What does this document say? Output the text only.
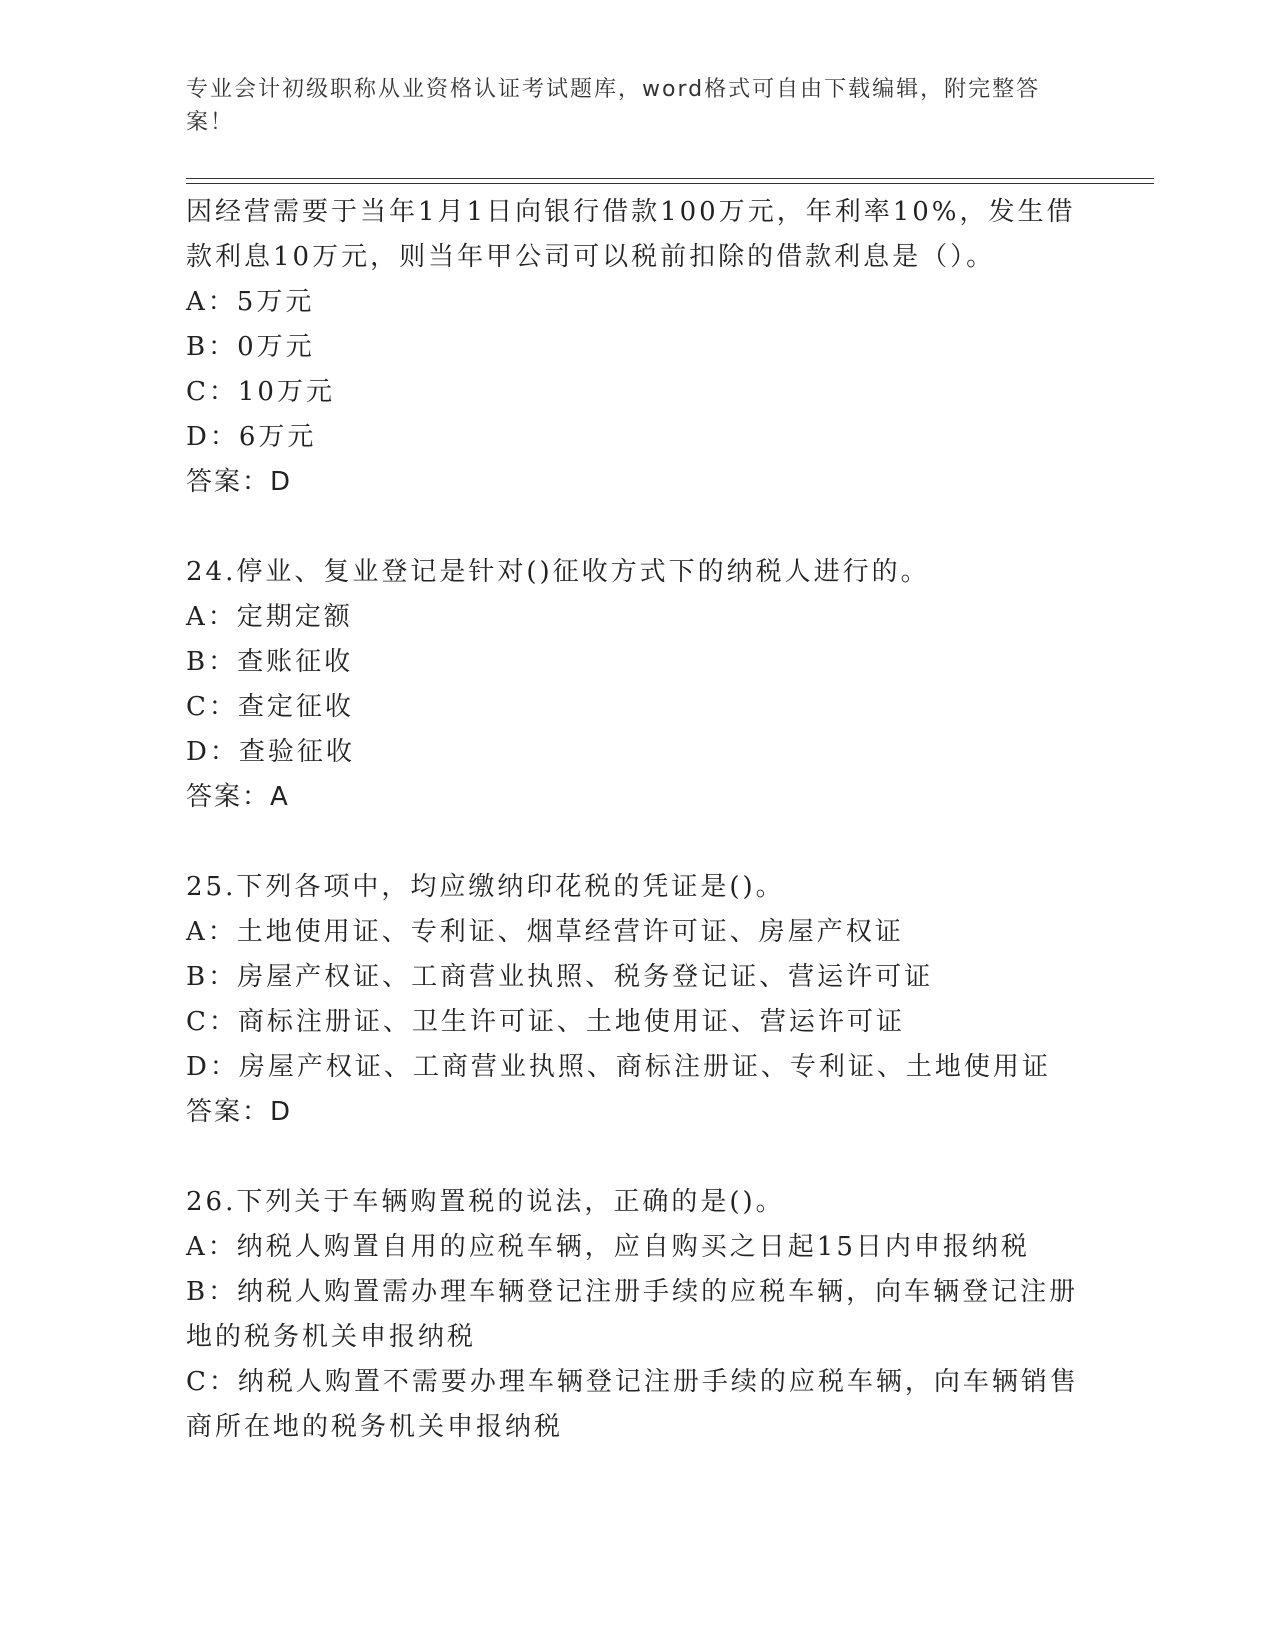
专业会计初级职称从业资格认证考试题库，word格式可自由下载编辑，附完整答案！

因经营需要于当年1月1日向银行借款100万元，年利率10%，发生借

款利息10万元，则当年甲公司可以税前扣除的借款利息是（）。

A：5万元

B：0万元

C：10万元

D：6万元

答案：D

24.停业、复业登记是针对()征收方式下的纳税人进行的。

A：定期定额

B：查账征收

C：查定征收

D：查验征收

答案：A

25.下列各项中，均应缴纳印花税的凭证是()。

A：土地使用证、专利证、烟草经营许可证、房屋产权证

B：房屋产权证、工商营业执照、税务登记证、营运许可证

C：商标注册证、卫生许可证、土地使用证、营运许可证

D：房屋产权证、工商营业执照、商标注册证、专利证、土地使用证

答案：D

26.下列关于车辆购置税的说法，正确的是()。

A：纳税人购置自用的应税车辆，应自购买之日起15日内申报纳税

B：纳税人购置需办理车辆登记注册手续的应税车辆，向车辆登记注册

地的税务机关申报纳税

C：纳税人购置不需要办理车辆登记注册手续的应税车辆，向车辆销售

商所在地的税务机关申报纳税
